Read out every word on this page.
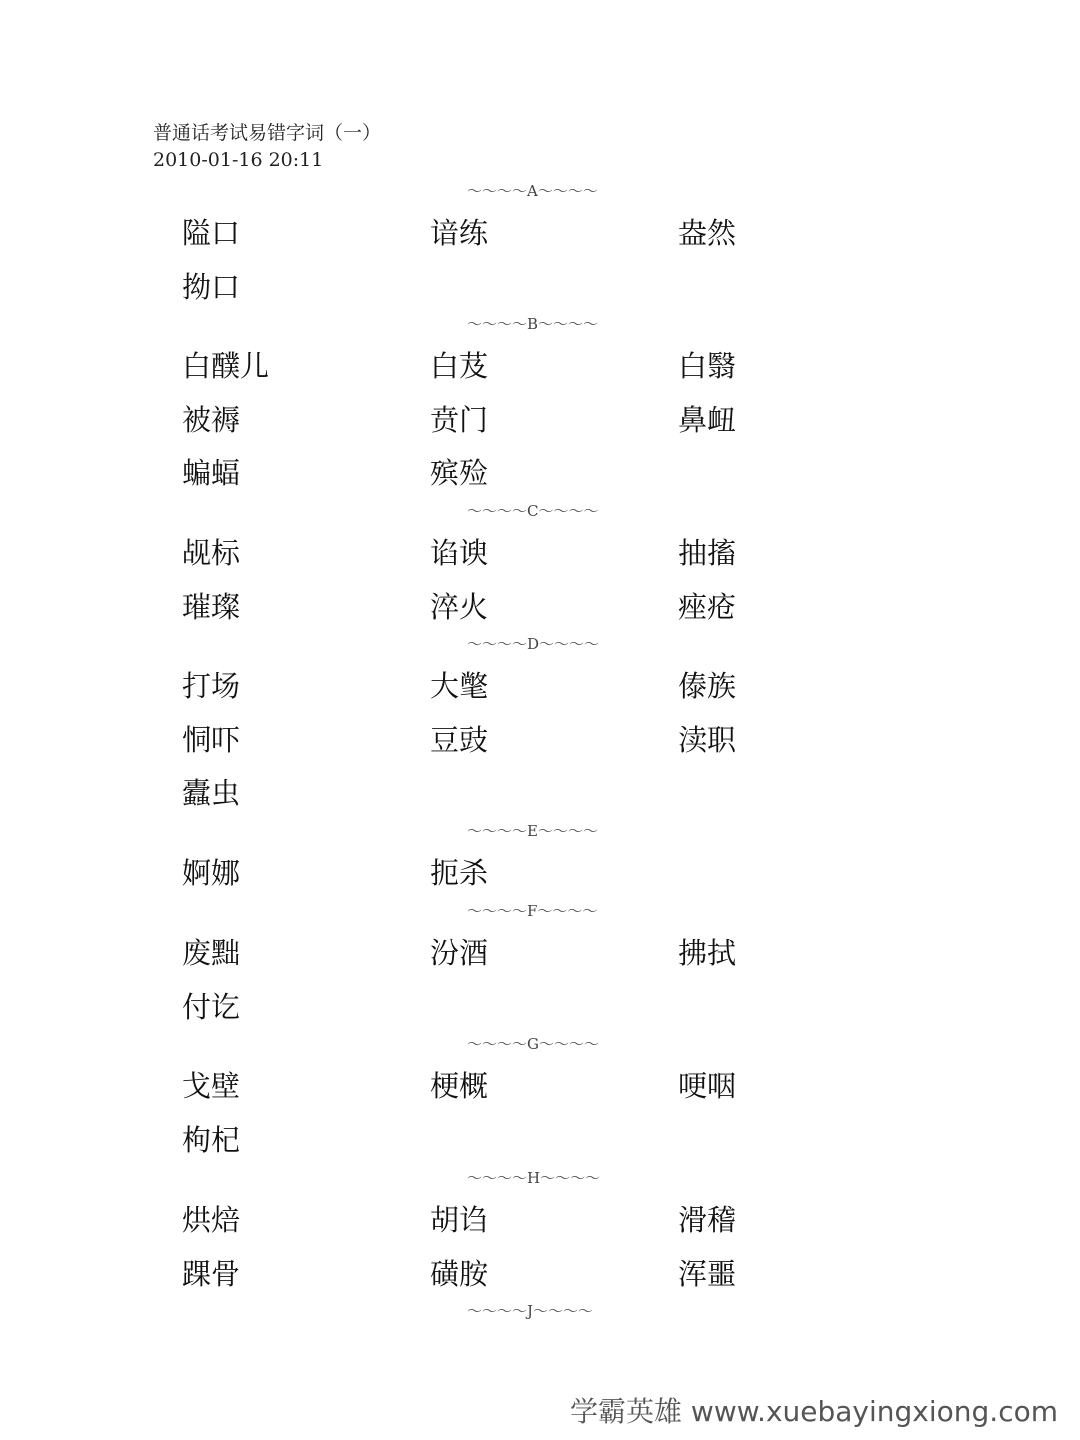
普通话考试易错字词（一）
2010-01-16 20:11
～～～～A～～～～
隘口	谙练	盎然
拗口
～～～～B～～～～
白醭儿	白芨	白翳
被褥	贲门	鼻衄
蝙蝠	殡殓
～～～～C～～～～
觇标	谄谀	抽搐
璀璨	淬火	痤疮
～～～～D～～～～
打场	大氅	傣族
恫吓	豆豉	渎职
蠹虫
～～～～E～～～～
婀娜	扼杀
～～～～F～～～～
废黜	汾酒	拂拭
付讫
～～～～G～～～～
戈壁	梗概	哽咽
枸杞
～～～～H～～～～
烘焙	胡诌	滑稽
踝骨	磺胺	浑噩
～～～～J～～～～
学霸英雄 www.xuebayingxiong.com
